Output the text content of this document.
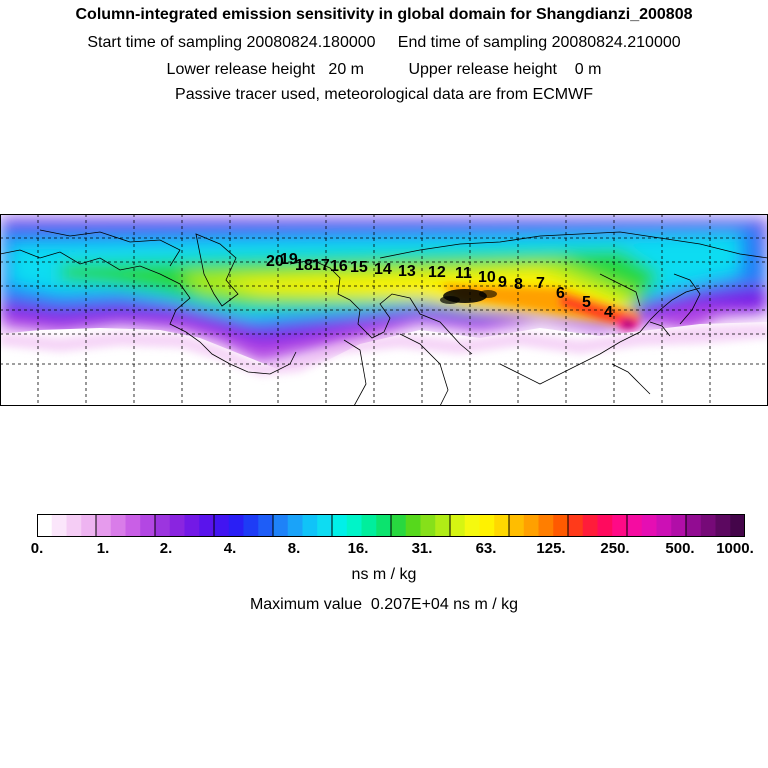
Column-integrated emission sensitivity in global domain for Shangdianzi_200808
Start time of sampling 20080824.180000     End time of sampling 20080824.210000
Lower release height   20 m          Upper release height    0 m
Passive tracer used, meteorological data are from ECMWF
20
19
18 17 16 15 14 13 12 11 10 9 8 7
6
5
4
0.	1.	2.	4.	8.	16.	31.	63.	125.	250.	500.	1000.
ns m / kg
Maximum value  0.207E+04 ns m / kg
